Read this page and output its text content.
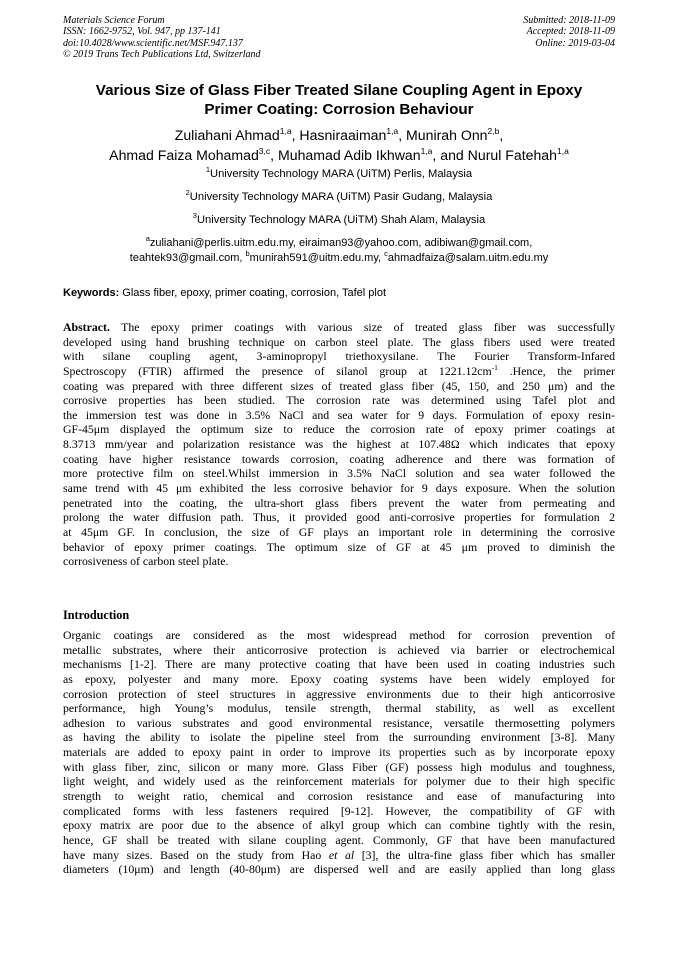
Materials Science Forum
ISSN: 1662-9752, Vol. 947, pp 137-141
doi:10.4028/www.scientific.net/MSF.947.137
© 2019 Trans Tech Publications Ltd, Switzerland
Submitted: 2018-11-09
Accepted: 2018-11-09
Online: 2019-03-04
Various Size of Glass Fiber Treated Silane Coupling Agent in Epoxy
Primer Coating: Corrosion Behaviour
Zuliahani Ahmad$^{1,a}$, Hasniraaiman$^{1,a}$, Munirah Onn$^{2,b}$,
Ahmad Faiza Mohamad$^{3,c}$, Muhamad Adib Ikhwan$^{1,a}$, and Nurul Fatehah$^{1,a}$
$^1$University Technology MARA (UiTM) Perlis, Malaysia
$^2$University Technology MARA (UiTM) Pasir Gudang, Malaysia
$^3$University Technology MARA (UiTM) Shah Alam, Malaysia
$^a$zuliahani@perlis.uitm.edu.my, eiraiman93@yahoo.com, adibiwan@gmail.com,
teahtek93@gmail.com, $^b$munirah591@uitm.edu.my, $^c$ahmadfaiza@salam.uitm.edu.my
Keywords: Glass fiber, epoxy, primer coating, corrosion, Tafel plot
Abstract. The epoxy primer coatings with various size of treated glass fiber was successfully
developed using hand brushing technique on carbon steel plate. The glass fibers used were treated
with silane coupling agent, 3-aminopropyl triethoxysilane. The Fourier Transform-Infared
Spectroscopy (FTIR) affirmed the presence of silanol group at $1221.12cm^{-1}$ .Hence, the primer
coating was prepared with three different sizes of treated glass fiber (45, 150, and 250 μm) and the
corrosive properties has been studied. The corrosion rate was determined using Tafel plot and
the immersion test was done in 3.5% NaCl and sea water for 9 days. Formulation of epoxy resin-
GF-45μm displayed the optimum size to reduce the corrosion rate of epoxy primer coatings at
8.3713 mm/year and polarization resistance was the highest at 107.48Ω which indicates that epoxy
coating have higher resistance towards corrosion, coating adherence and there was formation of
more protective film on steel.Whilst immersion in 3.5% NaCl solution and sea water followed the
same trend with 45 μm exhibited the less corrosive behavior for 9 days exposure. When the solution
penetrated into the coating, the ultra-short glass fibers prevent the water from permeating and
prolong the water diffusion path. Thus, it provided good anti-corrosive properties for formulation 2
at 45μm GF. In conclusion, the size of GF plays an important role in determining the corrosive
behavior of epoxy primer coatings. The optimum size of GF at 45 μm proved to diminish the
corrosiveness of carbon steel plate.
Introduction
Organic coatings are considered as the most widespread method for corrosion prevention of
metallic substrates, where their anticorrosive protection is achieved via barrier or electrochemical
mechanisms [1-2]. There are many protective coating that have been used in coating industries such
as epoxy, polyester and many more. Epoxy coating systems have been widely employed for
corrosion protection of steel structures in aggressive environments due to their high anticorrosive
performance, high Young’s modulus, tensile strength, thermal stability, as well as excellent
adhesion to various substrates and good environmental resistance, versatile thermosetting polymers
as having the ability to isolate the pipeline steel from the surrounding environment [3-8]. Many
materials are added to epoxy paint in order to improve its properties such as by incorporate epoxy
with glass fiber, zinc, silicon or many more. Glass Fiber (GF) possess high modulus and toughness,
light weight, and widely used as the reinforcement materials for polymer due to their high specific
strength to weight ratio, chemical and corrosion resistance and ease of manufacturing into
complicated forms with less fasteners required [9-12]. However, the compatibility of GF with
epoxy matrix are poor due to the absence of alkyl group which can combine tightly with the resin,
hence, GF shall be treated with silane coupling agent. Commonly, GF that have been manufactured
have many sizes. Based on the study from Hao et al [3], the ultra-fine glass fiber which has smaller
diameters (10μm) and length (40-80μm) are dispersed well and are easily applied than long glass
